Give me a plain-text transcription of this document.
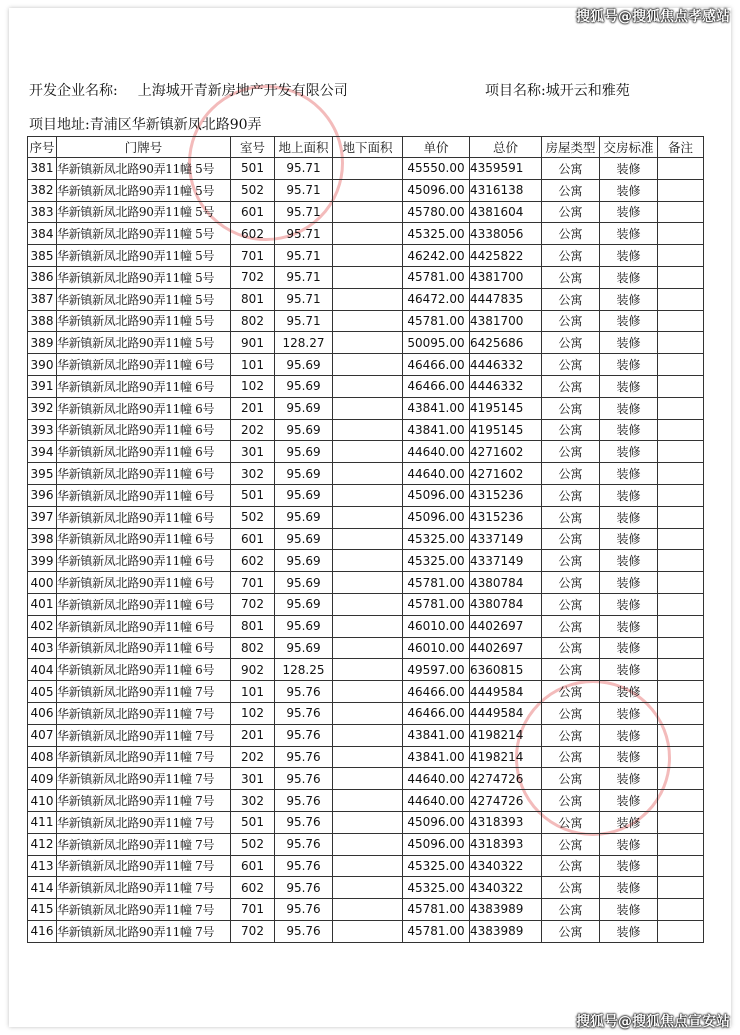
搜狐号@搜狐焦点孝感站
开发企业名称: 上海城开青新房地产开发有限公司	项目名称:城开云和雅苑
项目地址:青浦区华新镇新凤北路90弄
序号	门牌号	室号	地上面积	地下面积	单价	总价	房屋类型	交房标准	备注
381	华新镇新凤北路90弄11幢 5号	501	95.71		45550.00	4359591	公寓	装修	
382	华新镇新凤北路90弄11幢 5号	502	95.71		45096.00	4316138	公寓	装修	
383	华新镇新凤北路90弄11幢 5号	601	95.71		45780.00	4381604	公寓	装修	
384	华新镇新凤北路90弄11幢 5号	602	95.71		45325.00	4338056	公寓	装修	
385	华新镇新凤北路90弄11幢 5号	701	95.71		46242.00	4425822	公寓	装修	
386	华新镇新凤北路90弄11幢 5号	702	95.71		45781.00	4381700	公寓	装修	
387	华新镇新凤北路90弄11幢 5号	801	95.71		46472.00	4447835	公寓	装修	
388	华新镇新凤北路90弄11幢 5号	802	95.71		45781.00	4381700	公寓	装修	
389	华新镇新凤北路90弄11幢 5号	901	128.27		50095.00	6425686	公寓	装修	
390	华新镇新凤北路90弄11幢 6号	101	95.69		46466.00	4446332	公寓	装修	
391	华新镇新凤北路90弄11幢 6号	102	95.69		46466.00	4446332	公寓	装修	
392	华新镇新凤北路90弄11幢 6号	201	95.69		43841.00	4195145	公寓	装修	
393	华新镇新凤北路90弄11幢 6号	202	95.69		43841.00	4195145	公寓	装修	
394	华新镇新凤北路90弄11幢 6号	301	95.69		44640.00	4271602	公寓	装修	
395	华新镇新凤北路90弄11幢 6号	302	95.69		44640.00	4271602	公寓	装修	
396	华新镇新凤北路90弄11幢 6号	501	95.69		45096.00	4315236	公寓	装修	
397	华新镇新凤北路90弄11幢 6号	502	95.69		45096.00	4315236	公寓	装修	
398	华新镇新凤北路90弄11幢 6号	601	95.69		45325.00	4337149	公寓	装修	
399	华新镇新凤北路90弄11幢 6号	602	95.69		45325.00	4337149	公寓	装修	
400	华新镇新凤北路90弄11幢 6号	701	95.69		45781.00	4380784	公寓	装修	
401	华新镇新凤北路90弄11幢 6号	702	95.69		45781.00	4380784	公寓	装修	
402	华新镇新凤北路90弄11幢 6号	801	95.69		46010.00	4402697	公寓	装修	
403	华新镇新凤北路90弄11幢 6号	802	95.69		46010.00	4402697	公寓	装修	
404	华新镇新凤北路90弄11幢 6号	902	128.25		49597.00	6360815	公寓	装修	
405	华新镇新凤北路90弄11幢 7号	101	95.76		46466.00	4449584	公寓	装修	
406	华新镇新凤北路90弄11幢 7号	102	95.76		46466.00	4449584	公寓	装修	
407	华新镇新凤北路90弄11幢 7号	201	95.76		43841.00	4198214	公寓	装修	
408	华新镇新凤北路90弄11幢 7号	202	95.76		43841.00	4198214	公寓	装修	
409	华新镇新凤北路90弄11幢 7号	301	95.76		44640.00	4274726	公寓	装修	
410	华新镇新凤北路90弄11幢 7号	302	95.76		44640.00	4274726	公寓	装修	
411	华新镇新凤北路90弄11幢 7号	501	95.76		45096.00	4318393	公寓	装修	
412	华新镇新凤北路90弄11幢 7号	502	95.76		45096.00	4318393	公寓	装修	
413	华新镇新凤北路90弄11幢 7号	601	95.76		45325.00	4340322	公寓	装修	
414	华新镇新凤北路90弄11幢 7号	602	95.76		45325.00	4340322	公寓	装修	
415	华新镇新凤北路90弄11幢 7号	701	95.76		45781.00	4383989	公寓	装修	
416	华新镇新凤北路90弄11幢 7号	702	95.76		45781.00	4383989	公寓	装修	
搜狐号@搜狐焦点宣安站
